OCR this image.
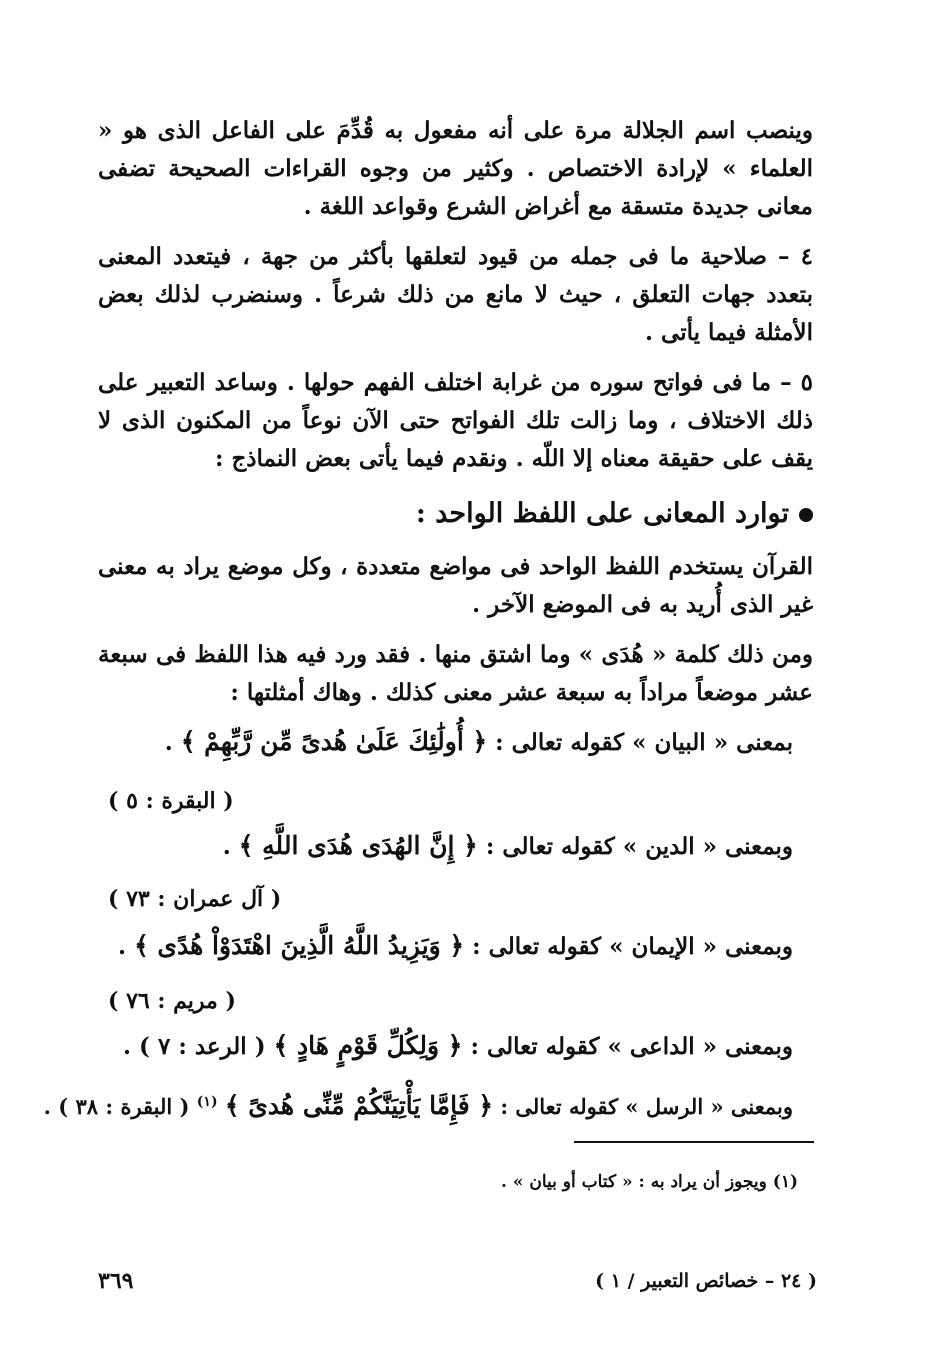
وينصب اسم الجلالة مرة على أنه مفعول به قُدِّمَ على الفاعل الذى هو « العلماء » لإرادة الاختصاص . وكثير من وجوه القراءات الصحيحة تضفى معانى جديدة متسقة مع أغراض الشرع وقواعد اللغة .

٤ – صلاحية ما فى جمله من قيود لتعلقها بأكثر من جهة ، فيتعدد المعنى بتعدد جهات التعلق ، حيث لا مانع من ذلك شرعاً . وسنضرب لذلك بعض الأمثلة فيما يأتى .

٥ – ما فى فواتح سوره من غرابة اختلف الفهم حولها . وساعد التعبير على ذلك الاختلاف ، وما زالت تلك الفواتح حتى الآن نوعاً من المكنون الذى لا يقف على حقيقة معناه إلا اللّه . ونقدم فيما يأتى بعض النماذج :

توارد المعانى على اللفظ الواحد :

القرآن يستخدم اللفظ الواحد فى مواضع متعددة ، وكل موضع يراد به معنى غير الذى أُريد به فى الموضع الآخر .

ومن ذلك كلمة « هُدَى » وما اشتق منها . فقد ورد فيه هذا اللفظ فى سبعة عشر موضعاً مراداً به سبعة عشر معنى كذلك . وهاك أمثلتها :

بمعنى « البيان » كقوله تعالى : ﴿ أُولَٰئِكَ عَلَىٰ هُدىً مِّن رَّبِّهِمْ ﴾ .
( البقرة : ٥ )
وبمعنى « الدين » كقوله تعالى : ﴿ إِنَّ الهُدَى هُدَى اللَّهِ ﴾ .
( آل عمران : ٧٣ )
وبمعنى « الإيمان » كقوله تعالى : ﴿ وَيَزِيدُ اللَّهُ الَّذِينَ اهْتَدَوْاْ هُدًى ﴾ .
( مريم : ٧٦ )
وبمعنى « الداعى » كقوله تعالى : ﴿ وَلِكُلِّ قَوْمٍ هَادٍ ﴾ ( الرعد : ٧ ) .
وبمعنى « الرسل » كقوله تعالى : ﴿ فَإِمَّا يَأْتِيَنَّكُمْ مِّنِّى هُدىً ﴾ $^{(١)}$ ( البقرة : ٣٨ ) .
(١) ويجوز أن يراد به : « كتاب أو بيان » .
٣٦٩	( ٢٤ – خصائص التعبير / ١ )
